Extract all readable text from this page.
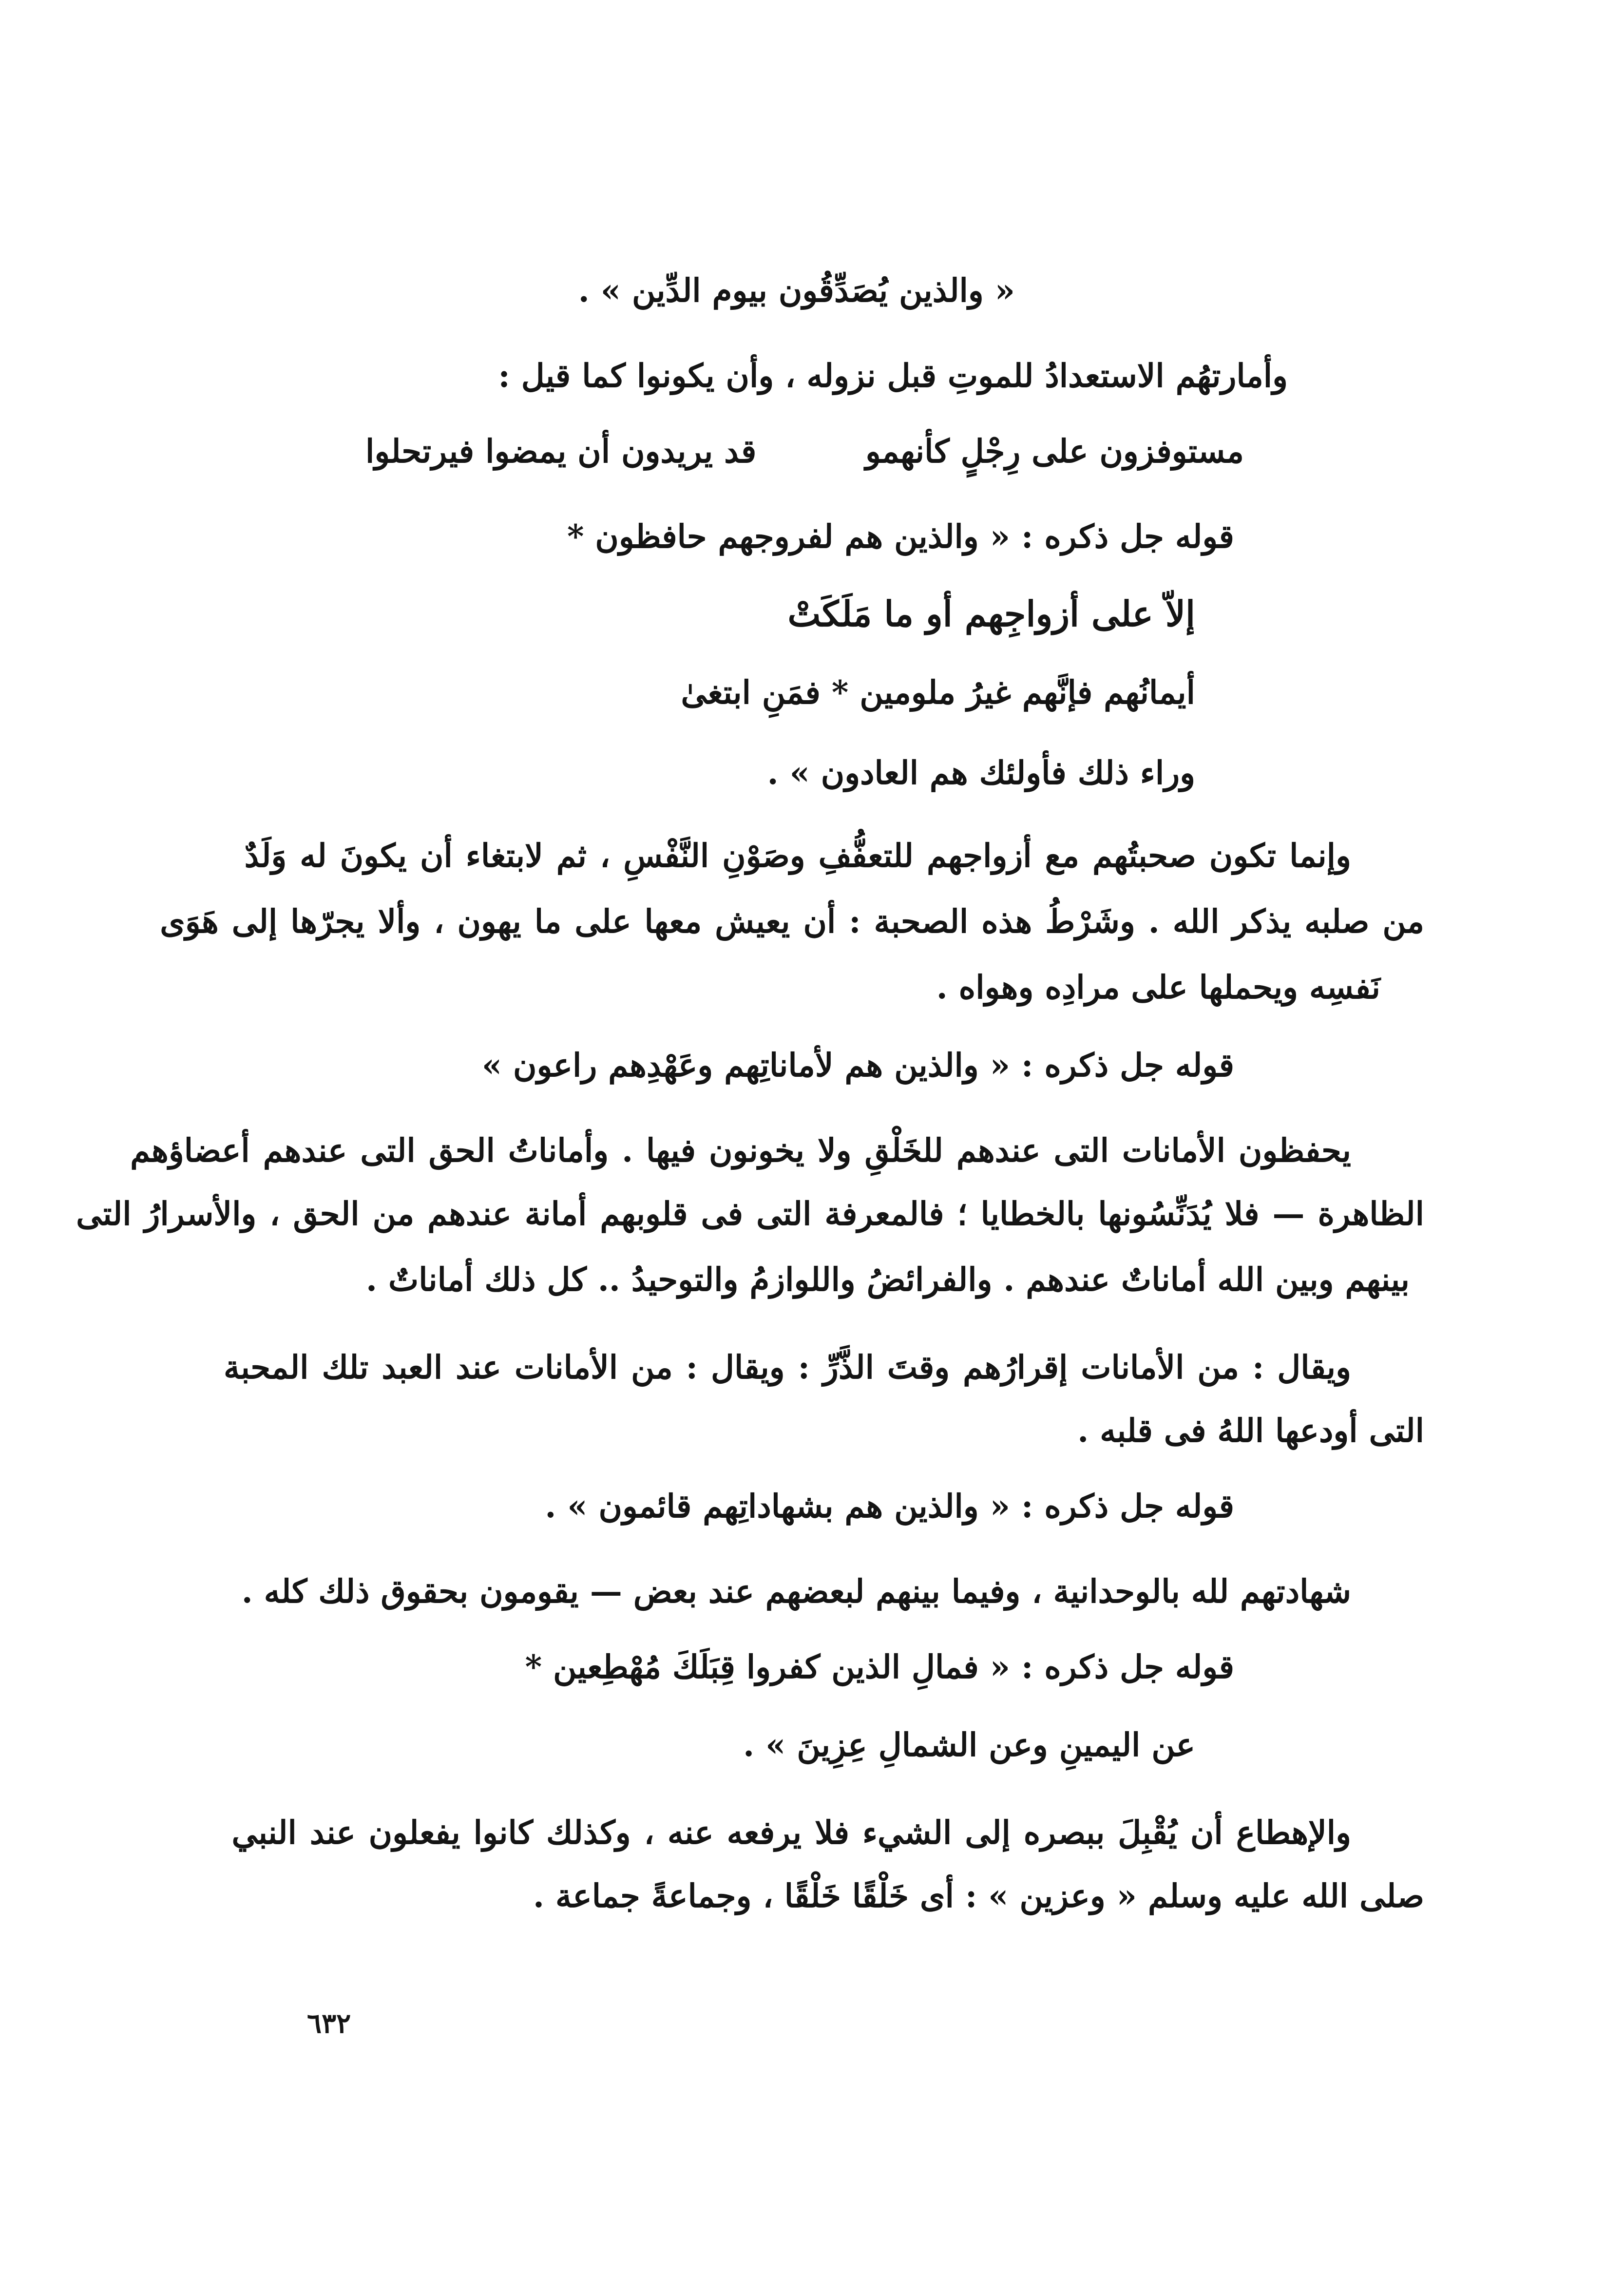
« والذين يُصَدِّقُون بيوم الدِّين » .
وأمارتهُم الاستعدادُ للموتِ قبل نزوله ، وأن يكونوا كما قيل :
مستوفزون على رِجْلٍ كأنهمو
قد يريدون أن يمضوا فيرتحلوا
قوله جل ذكره : « والذين هم لفروجهم حافظون *
إلاّ على أزواجِهم أو ما مَلَكَتْ
أيمانُهم فإنَّهم غيرُ ملومين * فمَنِ ابتغىٰ
وراء ذلك فأولئك هم العادون » .
وإنما تكون صحبتُهم مع أزواجهم للتعفُّفِ وصَوْنِ النَّفْسِ ، ثم لابتغاء أن يكونَ له وَلَدٌ
من صلبه يذكر الله . وشَرْطُ هذه الصحبة : أن يعيش معها على ما يهون ، وألا يجرّها إلى هَوَى
نَفسِه ويحملها على مرادِه وهواه .
قوله جل ذكره : « والذين هم لأماناتِهم وعَهْدِهم راعون »
يحفظون الأمانات التى عندهم للخَلْقِ ولا يخونون فيها . وأماناتُ الحق التى عندهم أعضاؤهم
الظاهرة — فلا يُدَنِّسُونها بالخطايا ؛ فالمعرفة التى فى قلوبهم أمانة عندهم من الحق ، والأسرارُ التى
بينهم وبين الله أماناتٌ عندهم . والفرائضُ واللوازمُ والتوحيدُ .. كل ذلك أماناتٌ .
ويقال : من الأمانات إقرارُهم وقتَ الذَّرِّ : ويقال : من الأمانات عند العبد تلك المحبة
التى أودعها اللهُ فى قلبه .
قوله جل ذكره : « والذين هم بشهاداتِهم قائمون » .
شهادتهم لله بالوحدانية ، وفيما بينهم لبعضهم عند بعض — يقومون بحقوق ذلك كله .
قوله جل ذكره : « فمالِ الذين كفروا قِبَلَكَ مُهْطِعين *
عن اليمينِ وعن الشمالِ عِزِينَ » .
والإهطاع أن يُقْبِلَ ببصره إلى الشيء فلا يرفعه عنه ، وكذلك كانوا يفعلون عند النبي
صلى الله عليه وسلم « وعزين » : أى خَلْقًا خَلْقًا ، وجماعةً جماعة .
٦٣٢
